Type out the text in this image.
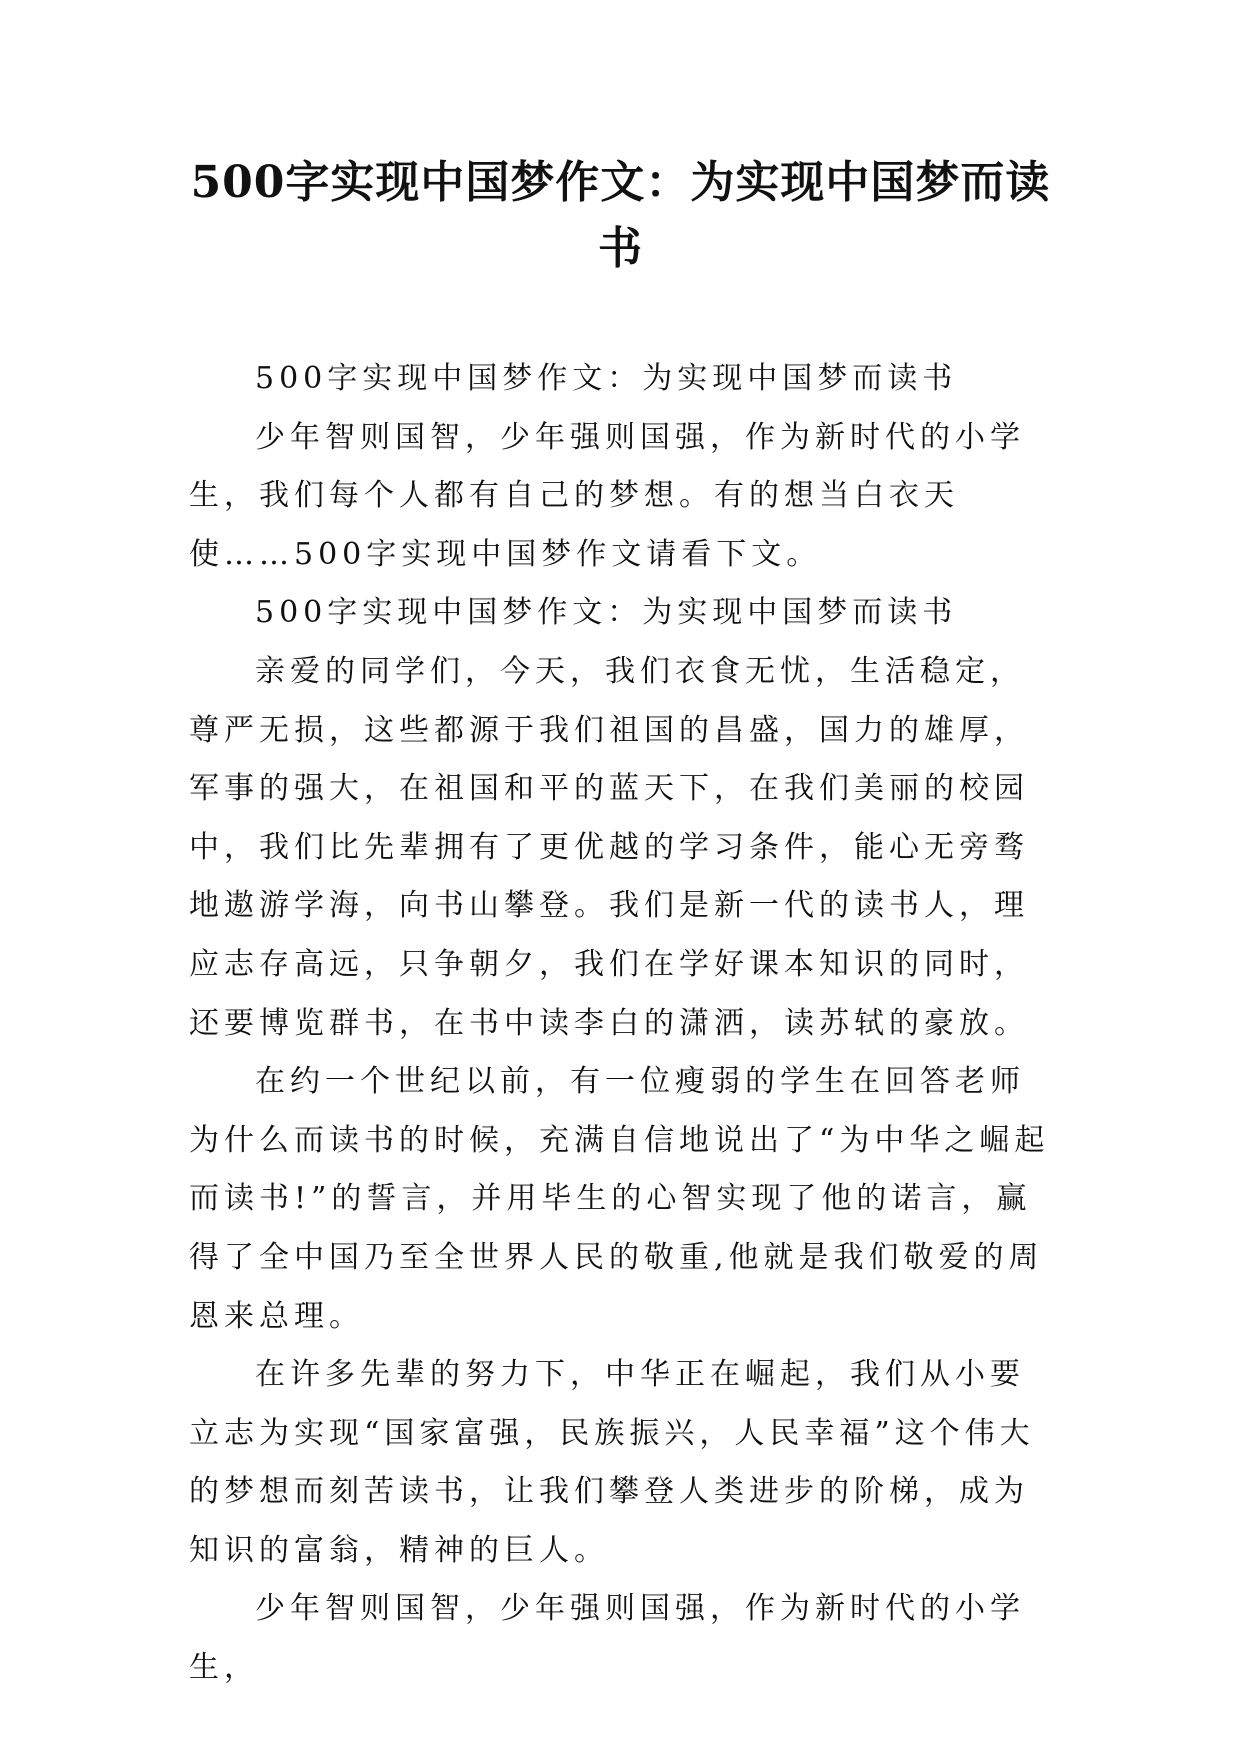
500字实现中国梦作文：为实现中国梦而读书

500字实现中国梦作文：为实现中国梦而读书

少年智则国智，少年强则国强，作为新时代的小学生，我们每个人都有自己的梦想。有的想当白衣天使……500字实现中国梦作文请看下文。

500字实现中国梦作文：为实现中国梦而读书

亲爱的同学们，今天，我们衣食无忧，生活稳定，尊严无损，这些都源于我们祖国的昌盛，国力的雄厚，军事的强大，在祖国和平的蓝天下，在我们美丽的校园中，我们比先辈拥有了更优越的学习条件，能心无旁骛地遨游学海，向书山攀登。我们是新一代的读书人，理应志存高远，只争朝夕，我们在学好课本知识的同时，还要博览群书，在书中读李白的潇洒，读苏轼的豪放。

在约一个世纪以前，有一位瘦弱的学生在回答老师为什么而读书的时候，充满自信地说出了“为中华之崛起而读书!”的誓言，并用毕生的心智实现了他的诺言，赢得了全中国乃至全世界人民的敬重,他就是我们敬爱的周恩来总理。

在许多先辈的努力下，中华正在崛起，我们从小要立志为实现“国家富强，民族振兴，人民幸福”这个伟大的梦想而刻苦读书，让我们攀登人类进步的阶梯，成为知识的富翁，精神的巨人。

少年智则国智，少年强则国强，作为新时代的小学生，
